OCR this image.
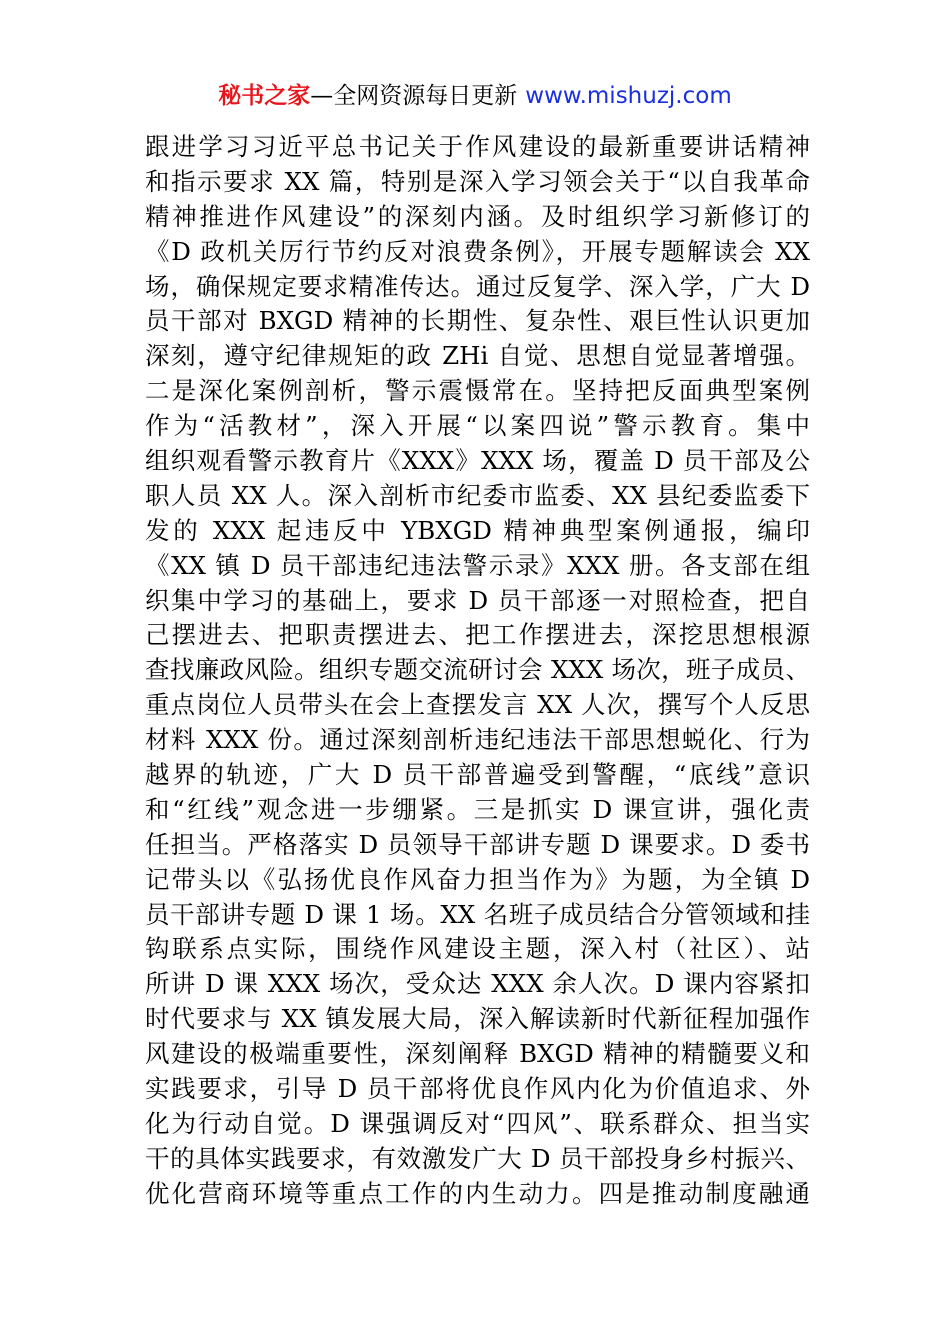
秘书之家—全网资源每日更新 www.mishuzj.com
跟进学习习近平总书记关于作风建设的最新重要讲话精神
和指示要求 XX 篇，特别是深入学习领会关于“以自我革命
精神推进作风建设”的深刻内涵。及时组织学习新修订的
《D 政机关厉行节约反对浪费条例》，开展专题解读会 XX
场，确保规定要求精准传达。通过反复学、深入学，广大 D
员干部对 BXGD 精神的长期性、复杂性、艰巨性认识更加
深刻，遵守纪律规矩的政 ZHi 自觉、思想自觉显著增强。
二是深化案例剖析，警示震慑常在。坚持把反面典型案例
作为“活教材”，深入开展“以案四说”警示教育。集中
组织观看警示教育片《XXX》XXX 场，覆盖 D 员干部及公
职人员 XX 人。深入剖析市纪委市监委、XX 县纪委监委下
发的 XXX 起违反中 YBXGD 精神典型案例通报，编印
《XX 镇 D 员干部违纪违法警示录》XXX 册。各支部在组
织集中学习的基础上，要求 D 员干部逐一对照检查，把自
己摆进去、把职责摆进去、把工作摆进去，深挖思想根源
查找廉政风险。组织专题交流研讨会 XXX 场次，班子成员、
重点岗位人员带头在会上查摆发言 XX 人次，撰写个人反思
材料 XXX 份。通过深刻剖析违纪违法干部思想蜕化、行为
越界的轨迹，广大 D 员干部普遍受到警醒，“底线”意识
和“红线”观念进一步绷紧。三是抓实 D 课宣讲，强化责
任担当。严格落实 D 员领导干部讲专题 D 课要求。D 委书
记带头以《弘扬优良作风奋力担当作为》为题，为全镇 D
员干部讲专题 D 课 1 场。XX 名班子成员结合分管领域和挂
钩联系点实际，围绕作风建设主题，深入村（社区）、站
所讲 D 课 XXX 场次，受众达 XXX 余人次。D 课内容紧扣
时代要求与 XX 镇发展大局，深入解读新时代新征程加强作
风建设的极端重要性，深刻阐释 BXGD 精神的精髓要义和
实践要求，引导 D 员干部将优良作风内化为价值追求、外
化为行动自觉。D 课强调反对“四风”、联系群众、担当实
干的具体实践要求，有效激发广大 D 员干部投身乡村振兴、
优化营商环境等重点工作的内生动力。四是推动制度融通
